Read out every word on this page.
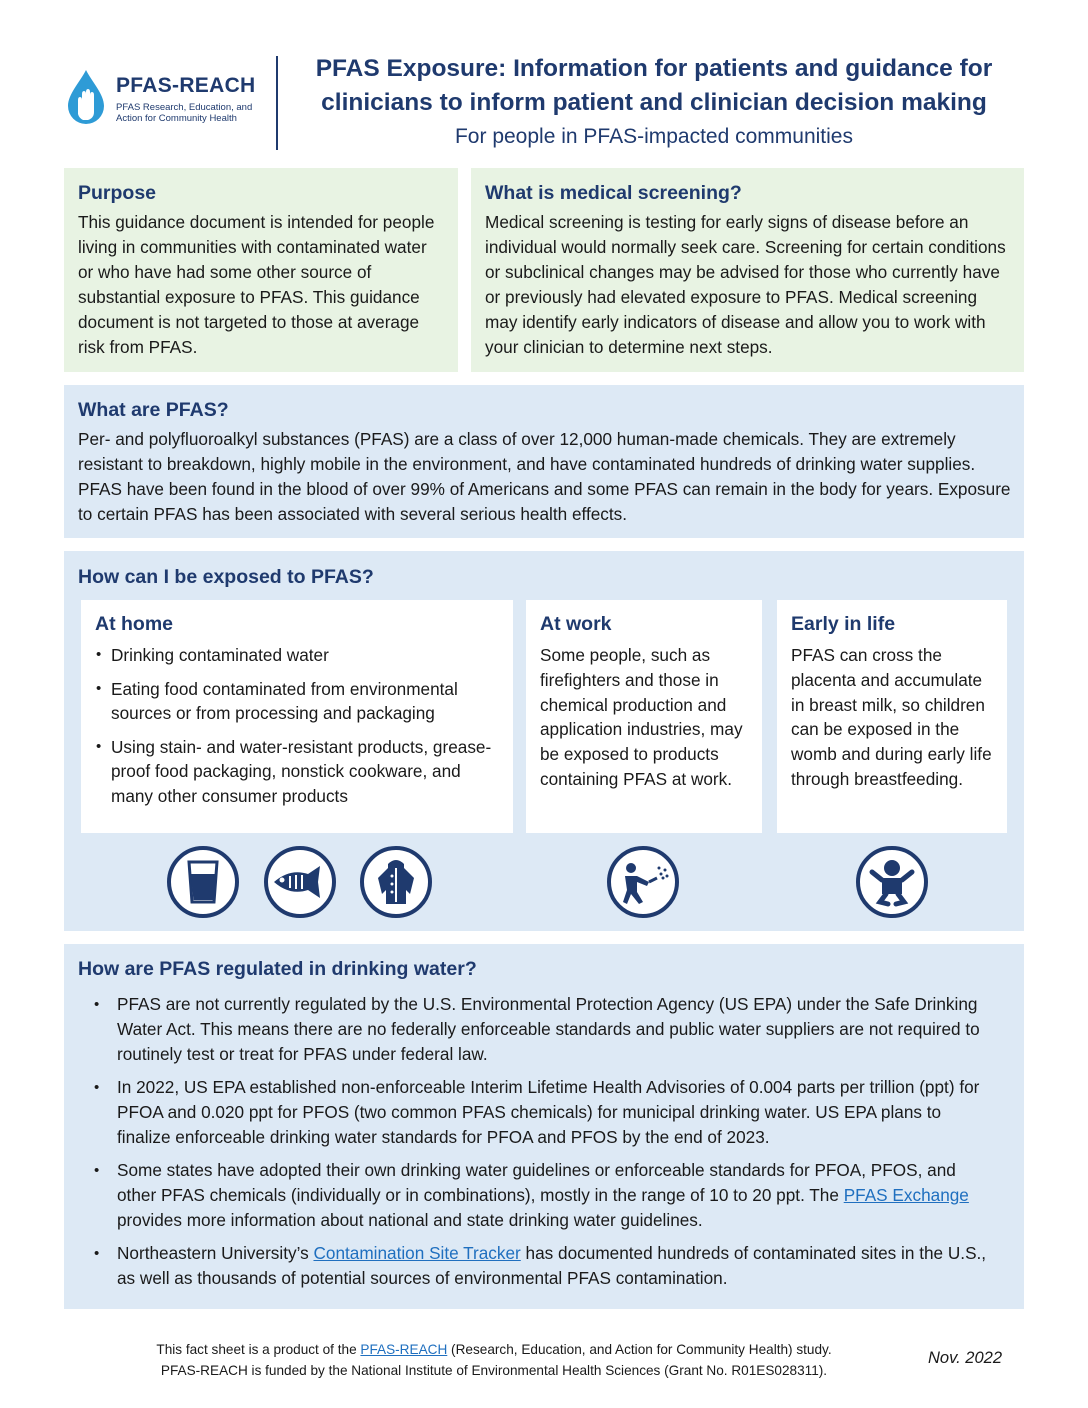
PFAS-REACH
PFAS Research, Education, and Action for Community Health
PFAS Exposure: Information for patients and guidance for clinicians to inform patient and clinician decision making
For people in PFAS-impacted communities
Purpose
This guidance document is intended for people living in communities with contaminated water or who have had some other source of substantial exposure to PFAS. This guidance document is not targeted to those at average risk from PFAS.
What is medical screening?
Medical screening is testing for early signs of disease before an individual would normally seek care. Screening for certain conditions or subclinical changes may be advised for those who currently have or previously had elevated exposure to PFAS. Medical screening may identify early indicators of disease and allow you to work with your clinician to determine next steps.
What are PFAS?
Per- and polyfluoroalkyl substances (PFAS) are a class of over 12,000 human-made chemicals. They are extremely resistant to breakdown, highly mobile in the environment, and have contaminated hundreds of drinking water supplies. PFAS have been found in the blood of over 99% of Americans and some PFAS can remain in the body for years. Exposure to certain PFAS has been associated with several serious health effects.
How can I be exposed to PFAS?
At home
• Drinking contaminated water
• Eating food contaminated from environmental sources or from processing and packaging
• Using stain- and water-resistant products, grease-proof food packaging, nonstick cookware, and many other consumer products
At work
Some people, such as firefighters and those in chemical production and application industries, may be exposed to products containing PFAS at work.
Early in life
PFAS can cross the placenta and accumulate in breast milk, so children can be exposed in the womb and during early life through breastfeeding.
How are PFAS regulated in drinking water?
• PFAS are not currently regulated by the U.S. Environmental Protection Agency (US EPA) under the Safe Drinking Water Act. This means there are no federally enforceable standards and public water suppliers are not required to routinely test or treat for PFAS under federal law.
• In 2022, US EPA established non-enforceable Interim Lifetime Health Advisories of 0.004 parts per trillion (ppt) for PFOA and 0.020 ppt for PFOS (two common PFAS chemicals) for municipal drinking water. US EPA plans to finalize enforceable drinking water standards for PFOA and PFOS by the end of 2023.
• Some states have adopted their own drinking water guidelines or enforceable standards for PFOA, PFOS, and other PFAS chemicals (individually or in combinations), mostly in the range of 10 to 20 ppt. The PFAS Exchange provides more information about national and state drinking water guidelines.
• Northeastern University’s Contamination Site Tracker has documented hundreds of contaminated sites in the U.S., as well as thousands of potential sources of environmental PFAS contamination.
This fact sheet is a product of the PFAS-REACH (Research, Education, and Action for Community Health) study.
PFAS-REACH is funded by the National Institute of Environmental Health Sciences (Grant No. R01ES028311).
Nov. 2022
